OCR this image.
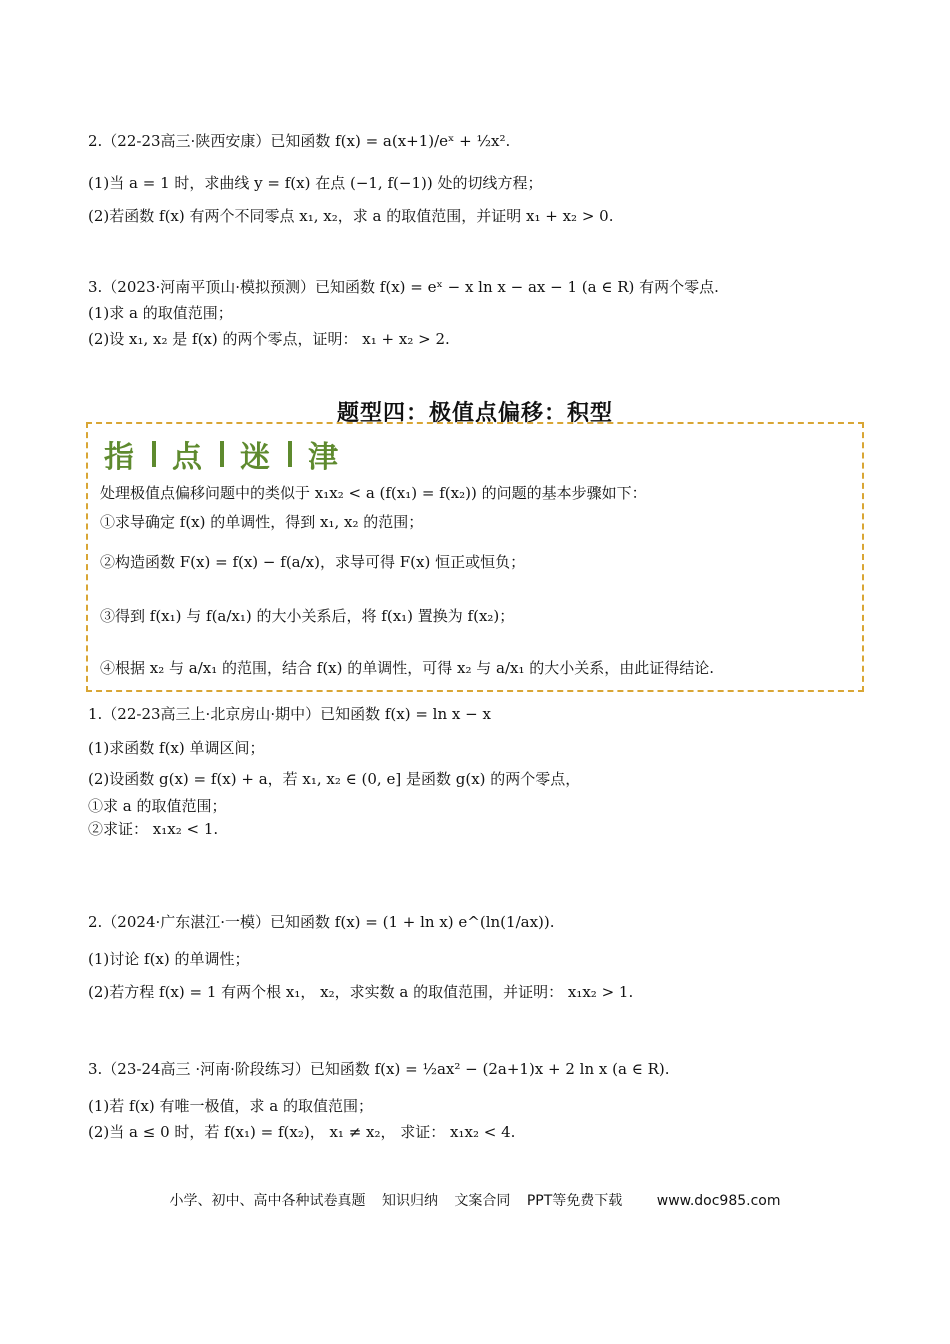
2.（22-23高三·陕西安康）已知函数 f(x) = a(x+1)/eˣ + ½x².
(1)当 a = 1 时，求曲线 y = f(x) 在点 (−1, f(−1)) 处的切线方程；
(2)若函数 f(x) 有两个不同零点 x₁, x₂，求 a 的取值范围，并证明 x₁ + x₂ > 0.
3.（2023·河南平顶山·模拟预测）已知函数 f(x) = eˣ − x ln x − ax − 1 (a ∈ R) 有两个零点.
(1)求 a 的取值范围；
(2)设 x₁, x₂ 是 f(x) 的两个零点，证明： x₁ + x₂ > 2.
题型四：极值点偏移：积型
指 点 迷 津
处理极值点偏移问题中的类似于 x₁x₂ < a (f(x₁) = f(x₂)) 的问题的基本步骤如下：
①求导确定 f(x) 的单调性，得到 x₁, x₂ 的范围；
②构造函数 F(x) = f(x) − f(a/x)，求导可得 F(x) 恒正或恒负；
③得到 f(x₁) 与 f(a/x₁) 的大小关系后，将 f(x₁) 置换为 f(x₂)；
④根据 x₂ 与 a/x₁ 的范围，结合 f(x) 的单调性，可得 x₂ 与 a/x₁ 的大小关系，由此证得结论.
1.（22-23高三上·北京房山·期中）已知函数 f(x) = ln x − x
(1)求函数 f(x) 单调区间；
(2)设函数 g(x) = f(x) + a，若 x₁, x₂ ∈ (0, e] 是函数 g(x) 的两个零点，
①求 a 的取值范围；
②求证： x₁x₂ < 1.
2.（2024·广东湛江·一模）已知函数 f(x) = (1 + ln x) e^(ln(1/ax)).
(1)讨论 f(x) 的单调性；
(2)若方程 f(x) = 1 有两个根 x₁， x₂，求实数 a 的取值范围，并证明： x₁x₂ > 1.
3.（23-24高三 ·河南·阶段练习）已知函数 f(x) = ½ax² − (2a+1)x + 2 ln x (a ∈ R).
(1)若 f(x) 有唯一极值，求 a 的取值范围；
(2)当 a ≤ 0 时，若 f(x₁) = f(x₂)， x₁ ≠ x₂， 求证： x₁x₂ < 4.
小学、初中、高中各种试卷真题 知识归纳 文案合同 PPT等免费下载 www.doc985.com
